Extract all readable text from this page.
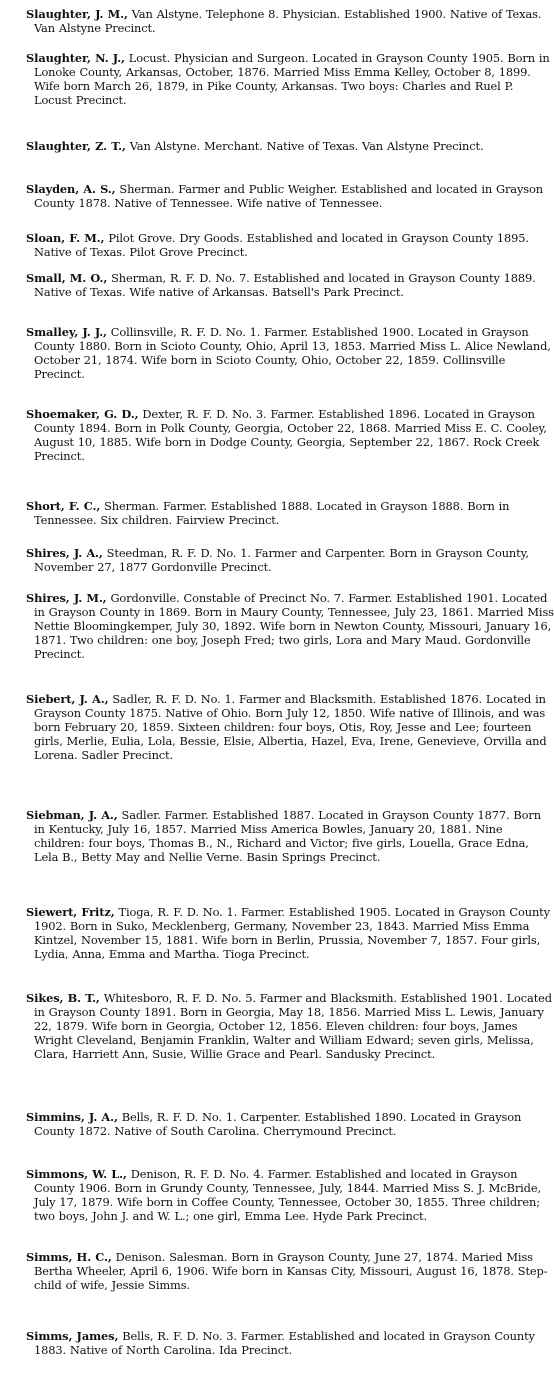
Slaughter, J. M., Van Alstyne. Telephone 8. Physician. Established 1900. Native of Texas. Van Alstyne Precinct.

Slaughter, N. J., Locust. Physician and Surgeon. Located in Grayson County 1905. Born in Lonoke County, Arkansas, October, 1876. Married Miss Emma Kelley, October 8, 1899. Wife born March 26, 1879, in Pike County, Arkansas. Two boys: Charles and Ruel P. Locust Precinct.

Slaughter, Z. T., Van Alstyne. Merchant. Native of Texas. Van Alstyne Precinct.

Slayden, A. S., Sherman. Farmer and Public Weigher. Established and located in Grayson County 1878. Native of Tennessee. Wife native of Tennessee.

Sloan, F. M., Pilot Grove. Dry Goods. Established and located in Grayson County 1895. Native of Texas. Pilot Grove Precinct.

Small, M. O., Sherman, R. F. D. No. 7. Established and located in Grayson County 1889. Native of Texas. Wife native of Arkansas. Batsell's Park Precinct.

Smalley, J. J., Collinsville, R. F. D. No. 1. Farmer. Established 1900. Located in Grayson County 1880. Born in Scioto County, Ohio, April 13, 1853. Married Miss L. Alice Newland, October 21, 1874. Wife born in Scioto County, Ohio, October 22, 1859. Collinsville Precinct.

Shoemaker, G. D., Dexter, R. F. D. No. 3. Farmer. Established 1896. Located in Grayson County 1894. Born in Polk County, Georgia, October 22, 1868. Married Miss E. C. Cooley, August 10, 1885. Wife born in Dodge County, Georgia, September 22, 1867. Rock Creek Precinct.

Short, F. C., Sherman. Farmer. Established 1888. Located in Grayson 1888. Born in Tennessee. Six children. Fairview Precinct.

Shires, J. A., Steedman, R. F. D. No. 1. Farmer and Carpenter. Born in Grayson County, November 27, 1877 Gordonville Precinct.

Shires, J. M., Gordonville. Constable of Precinct No. 7. Farmer. Established 1901. Located in Grayson County in 1869. Born in Maury County, Tennessee, July 23, 1861. Married Miss Nettie Bloomingkemper, July 30, 1892. Wife born in Newton County, Missouri, January 16, 1871. Two children: one boy, Joseph Fred; two girls, Lora and Mary Maud. Gordonville Precinct.

Siebert, J. A., Sadler, R. F. D. No. 1. Farmer and Blacksmith. Established 1876. Located in Grayson County 1875. Native of Ohio. Born July 12, 1850. Wife native of Illinois, and was born February 20, 1859. Sixteen children: four boys, Otis, Roy, Jesse and Lee; fourteen girls, Merlie, Eulia, Lola, Bessie, Elsie, Albertia, Hazel, Eva, Irene, Genevieve, Orvilla and Lorena. Sadler Precinct.

Siebman, J. A., Sadler. Farmer. Established 1887. Located in Grayson County 1877. Born in Kentucky, July 16, 1857. Married Miss America Bowles, January 20, 1881. Nine children: four boys, Thomas B., N., Richard and Victor; five girls, Louella, Grace Edna, Lela B., Betty May and Nellie Verne. Basin Springs Precinct.

Siewert, Fritz, Tioga, R. F. D. No. 1. Farmer. Established 1905. Located in Grayson County 1902. Born in Suko, Mecklenberg, Germany, November 23, 1843. Married Miss Emma Kintzel, November 15, 1881. Wife born in Berlin, Prussia, November 7, 1857. Four girls, Lydia, Anna, Emma and Martha. Tioga Precinct.

Sikes, B. T., Whitesboro, R. F. D. No. 5. Farmer and Blacksmith. Established 1901. Located in Grayson County 1891. Born in Georgia, May 18, 1856. Married Miss L. Lewis, January 22, 1879. Wife born in Georgia, October 12, 1856. Eleven children: four boys, James Wright Cleveland, Benjamin Franklin, Walter and William Edward; seven girls, Melissa, Clara, Harriett Ann, Susie, Willie Grace and Pearl. Sandusky Precinct.

Simmins, J. A., Bells, R. F. D. No. 1. Carpenter. Established 1890. Located in Grayson County 1872. Native of South Carolina. Cherrymound Precinct.

Simmons, W. L., Denison, R. F. D. No. 4. Farmer. Established and located in Grayson County 1906. Born in Grundy County, Tennessee, July, 1844. Married Miss S. J. McBride, July 17, 1879. Wife born in Coffee County, Tennessee, October 30, 1855. Three children; two boys, John J. and W. L.; one girl, Emma Lee. Hyde Park Precinct.

Simms, H. C., Denison. Salesman. Born in Grayson County, June 27, 1874. Maried Miss Bertha Wheeler, April 6, 1906. Wife born in Kansas City, Missouri, August 16, 1878. Step-child of wife, Jessie Simms.

Simms, James, Bells, R. F. D. No. 3. Farmer. Established and located in Grayson County 1883. Native of North Carolina. Ida Precinct.
